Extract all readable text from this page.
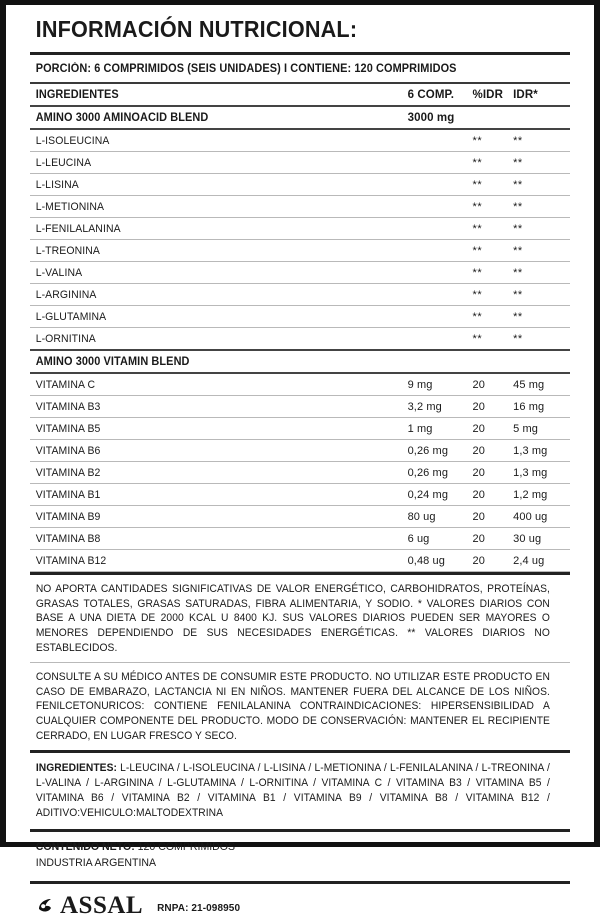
INFORMACIÓN NUTRICIONAL:
PORCIÓN: 6 COMPRIMIDOS (SEIS UNIDADES) I CONTIENE: 120 COMPRIMIDOS
INGREDIENTES	6 COMP.	%IDR	IDR*

AMINO 3000 AMINOACID BLEND	3000 mg		

L-ISOLEUCINA		**	**

L-LEUCINA		**	**

L-LISINA		**	**

L-METIONINA		**	**

L-FENILALANINA		**	**

L-TREONINA		**	**

L-VALINA		**	**

L-ARGININA		**	**

L-GLUTAMINA		**	**

L-ORNITINA		**	**

AMINO 3000 VITAMIN BLEND			

VITAMINA C	9 mg	20	45 mg

VITAMINA B3	3,2 mg	20	16 mg

VITAMINA B5	1 mg	20	5 mg

VITAMINA B6	0,26 mg	20	1,3 mg

VITAMINA B2	0,26 mg	20	1,3 mg

VITAMINA B1	0,24 mg	20	1,2 mg

VITAMINA B9	80 ug	20	400 ug

VITAMINA B8	6 ug	20	30 ug

VITAMINA B12	0,48 ug	20	2,4 ug

NO APORTA CANTIDADES SIGNIFICATIVAS DE VALOR ENERGÉTICO, CARBOHIDRATOS, PROTEÍNAS, GRASAS TOTALES, GRASAS SATURADAS, FIBRA ALIMENTARIA, Y SODIO. * VALORES DIARIOS CON BASE A UNA DIETA DE 2000 KCAL U 8400 KJ. SUS VALORES DIARIOS PUEDEN SER MAYORES O MENORES DEPENDIENDO DE SUS NECESIDADES ENERGÉTICAS. ** VALORES DIARIOS NO ESTABLECIDOS.
CONSULTE A SU MÉDICO ANTES DE CONSUMIR ESTE PRODUCTO. NO UTILIZAR ESTE PRODUCTO EN CASO DE EMBARAZO, LACTANCIA NI EN NIÑOS. MANTENER FUERA DEL ALCANCE DE LOS NIÑOS. FENILCETONURICOS: CONTIENE FENILALANINA CONTRAINDICACIONES: HIPERSENSIBILIDAD A CUALQUIER COMPONENTE DEL PRODUCTO. MODO DE CONSERVACIÓN: MANTENER EL RECIPIENTE CERRADO, EN LUGAR FRESCO Y SECO.
INGREDIENTES: L-LEUCINA / L-ISOLEUCINA / L-LISINA / L-METIONINA / L-FENILALANINA / L-TREONINA / L-VALINA / L-ARGININA / L-GLUTAMINA / L-ORNITINA / VITAMINA C / VITAMINA B3 / VITAMINA B5 / VITAMINA B6 / VITAMINA B2 / VITAMINA B1 / VITAMINA B9 / VITAMINA B8 / VITAMINA B12 / ADITIVO:VEHICULO:MALTODEXTRINA
CONTENIDO NETO: 120 COMPRIMIDOS
INDUSTRIA ARGENTINA
ASSAL RNPA: 21-098950
